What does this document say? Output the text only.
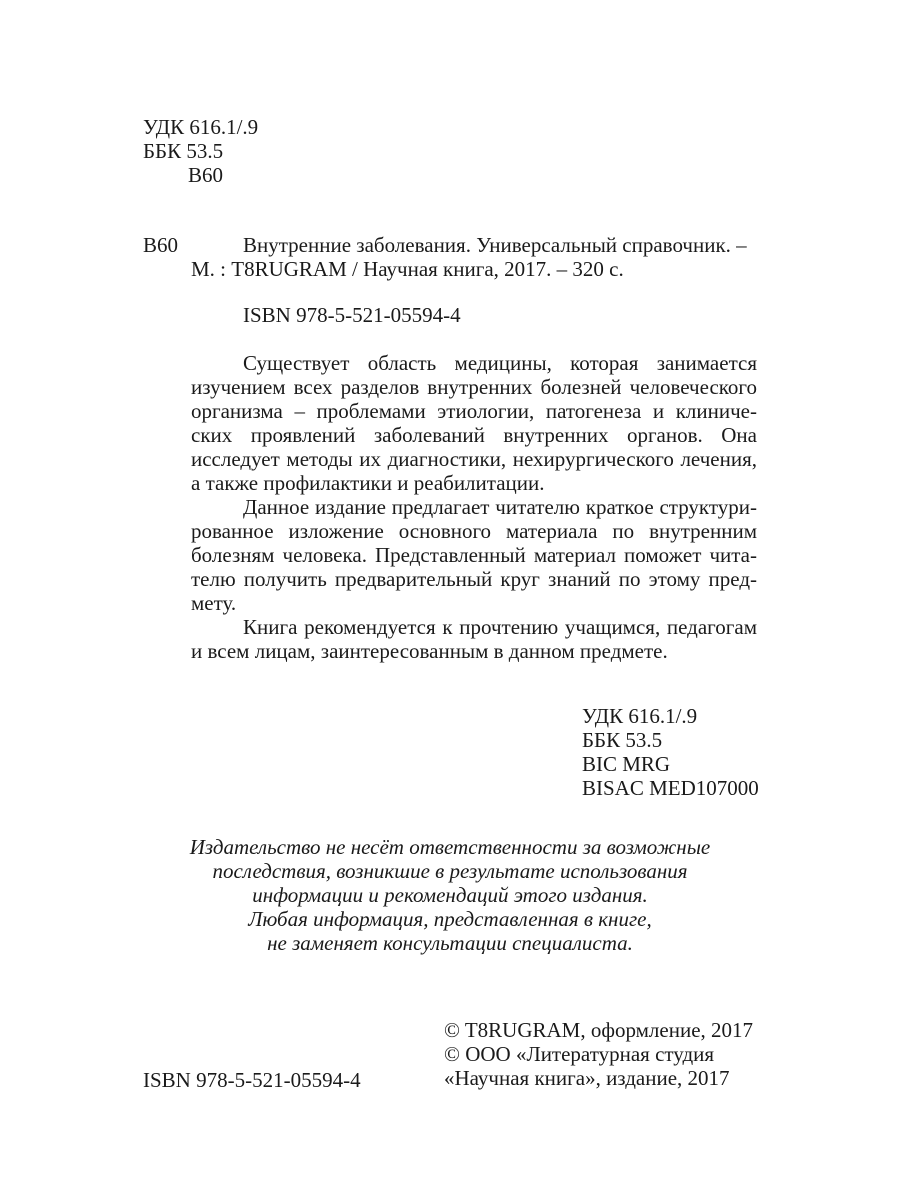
УДК 616.1/.9
ББК 53.5
В60
В60	Внутренние заболевания. Универсальный справочник. –
М. : T8RUGRAM / Научная книга, 2017. – 320 с.
ISBN 978-5-521-05594-4
Существует область медицины, которая занимается
изучением всех разделов внутренних болезней человеческого
организма – проблемами этиологии, патогенеза и клиниче-
ских проявлений заболеваний внутренних органов. Она
исследует методы их диагностики, нехирургического лечения,
а также профилактики и реабилитации.
Данное издание предлагает читателю краткое структури-
рованное изложение основного материала по внутренним
болезням человека. Представленный материал поможет чита-
телю получить предварительный круг знаний по этому пред-
мету.
Книга рекомендуется к прочтению учащимся, педагогам
и всем лицам, заинтересованным в данном предмете.
УДК 616.1/.9
ББК 53.5
BIC MRG
BISAC MED107000
Издательство не несёт ответственности за возможные
последствия, возникшие в результате использования
информации и рекомендаций этого издания.
Любая информация, представленная в книге,
не заменяет консультации специалиста.
ISBN 978-5-521-05594-4
© T8RUGRAM, оформление, 2017
© ООО «Литературная студия
«Научная книга», издание, 2017
